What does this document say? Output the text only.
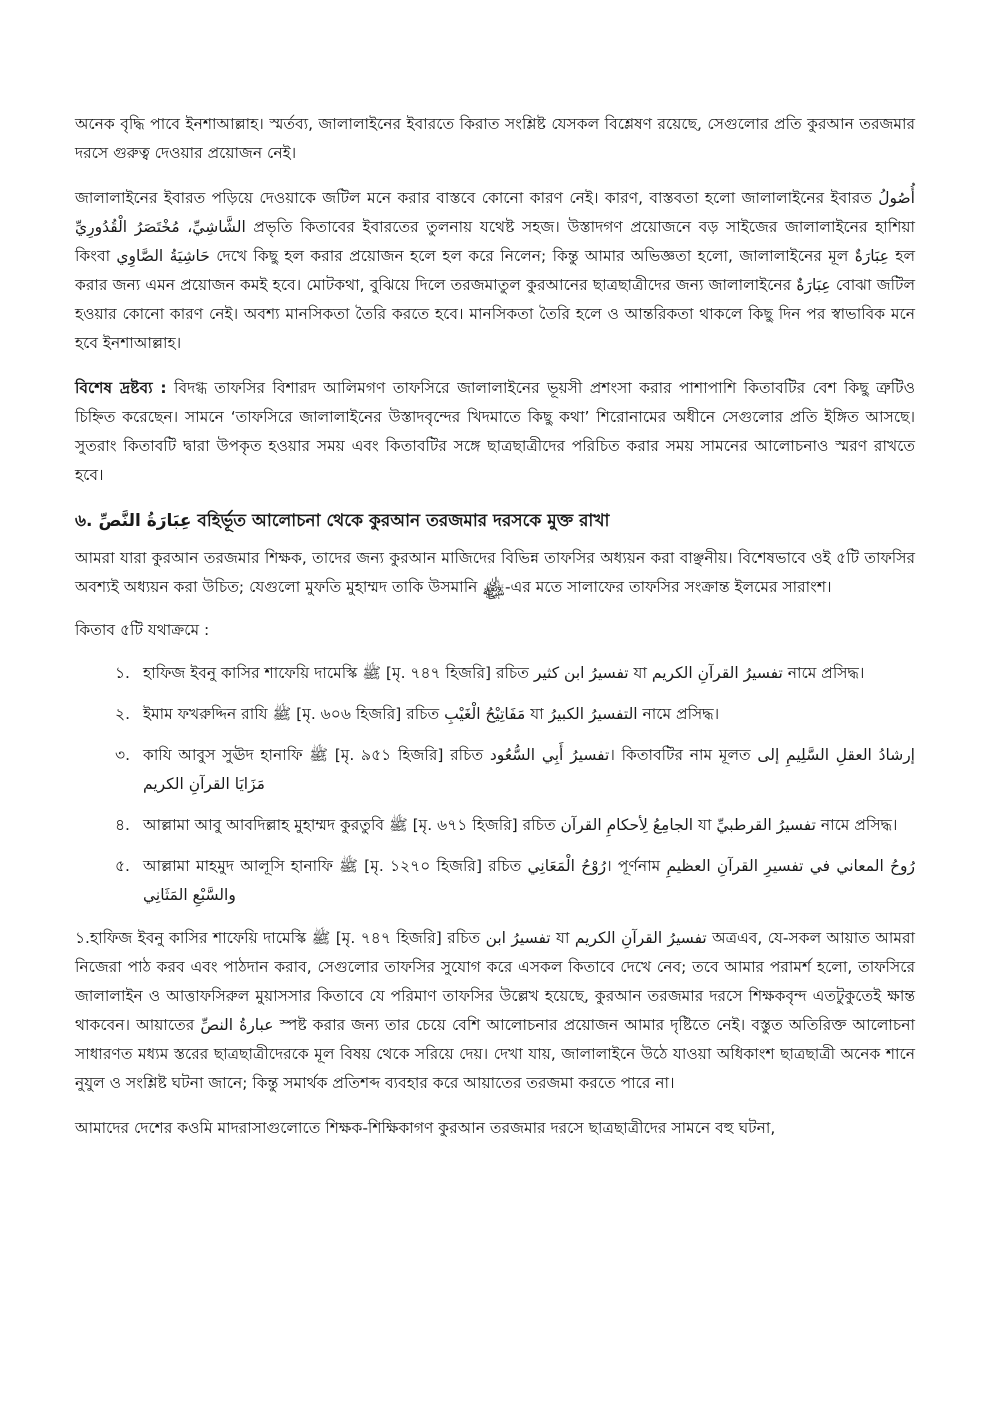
অনেক বৃদ্ধি পাবে ইনশাআল্লাহ। স্মর্তব্য, জালালাইনের ইবারতে কিরাত সংশ্লিষ্ট যেসকল বিশ্লেষণ রয়েছে, সেগুলোর প্রতি কুরআন তরজমার দরসে গুরুত্ব দেওয়ার প্রয়োজন নেই।

জালালাইনের ইবারত পড়িয়ে দেওয়াকে জটিল মনে করার বাস্তবে কোনো কারণ নেই। কারণ, বাস্তবতা হলো জালালাইনের ইবারত أُصُولُ الشَّاشِيِّ، مُخْتَصَرُ الْقُدُورِيِّ প্রভৃতি কিতাবের ইবারতের তুলনায় যথেষ্ট সহজ। উস্তাদগণ প্রয়োজনে বড় সাইজের জালালাইনের হাশিয়া কিংবা حَاشِيَةُ الصَّاوِي দেখে কিছু হল করার প্রয়োজন হলে হল করে নিলেন; কিন্তু আমার অভিজ্ঞতা হলো, জালালাইনের মূল عِبَارَةٌ হল করার জন্য এমন প্রয়োজন কমই হবে। মোটকথা, বুঝিয়ে দিলে তরজমাতুল কুরআনের ছাত্রছাত্রীদের জন্য জালালাইনের عِبَارَةٌ বোঝা জটিল হওয়ার কোনো কারণ নেই। অবশ্য মানসিকতা তৈরি করতে হবে। মানসিকতা তৈরি হলে ও আন্তরিকতা থাকলে কিছু দিন পর স্বাভাবিক মনে হবে ইনশাআল্লাহ।

বিশেষ দ্রষ্টব্য : বিদগ্ধ তাফসির বিশারদ আলিমগণ তাফসিরে জালালাইনের ভূয়সী প্রশংসা করার পাশাপাশি কিতাবটির বেশ কিছু ত্রুটিও চিহ্নিত করেছেন। সামনে ‘তাফসিরে জালালাইনের উস্তাদবৃন্দের খিদমাতে কিছু কথা’ শিরোনামের অধীনে সেগুলোর প্রতি ইঙ্গিত আসছে। সুতরাং কিতাবটি দ্বারা উপকৃত হওয়ার সময় এবং কিতাবটির সঙ্গে ছাত্রছাত্রীদের পরিচিত করার সময় সামনের আলোচনাও স্মরণ রাখতে হবে।

৬. عِبَارَةُ النَّصِّ বহির্ভূত আলোচনা থেকে কুরআন তরজমার দরসকে মুক্ত রাখা

আমরা যারা কুরআন তরজমার শিক্ষক, তাদের জন্য কুরআন মাজিদের বিভিন্ন তাফসির অধ্যয়ন করা বাঞ্ছনীয়। বিশেষভাবে ওই ৫টি তাফসির অবশ্যই অধ্যয়ন করা উচিত; যেগুলো মুফতি মুহাম্মদ তাকি উসমানি ﷾-এর মতে সালাফের তাফসির সংক্রান্ত ইলমের সারাংশ।

কিতাব ৫টি যথাক্রমে :

১. হাফিজ ইবনু কাসির শাফেয়ি দামেস্কি ﷺ [মৃ. ৭৪৭ হিজরি] রচিত تفسيرُ ابن كثير যা تفسيرُ القرآنِ الكريم নামে প্রসিদ্ধ।
২. ইমাম ফখরুদ্দিন রাযি ﷺ [মৃ. ৬০৬ হিজরি] রচিত مَفَاتِيْحُ الْغَيْبِ যা التفسيرُ الكبيرُ নামে প্রসিদ্ধ।
৩. কাযি আবুস সুঊদ হানাফি ﷺ [মৃ. ৯৫১ হিজরি] রচিত تفسيرُ أَبِي السُّعُود। কিতাবটির নাম মূলত إرشادُ العقلِ السَّلِيمِ إلى مَزَايَا القرآنِ الكريم
৪. আল্লামা আবু আবদিল্লাহ মুহাম্মদ কুরতুবি ﷺ [মৃ. ৬৭১ হিজরি] রচিত الجامِعُ لِأحكامِ القرآن যা تفسيرُ القرطبيِّ নামে প্রসিদ্ধ।
৫. আল্লামা মাহমুদ আলূসি হানাফি ﷺ [মৃ. ১২৭০ হিজরি] রচিত رُوْحُ الْمَعَانِي। পূর্ণনাম رُوحُ المعاني في تفسيرِ القرآنِ العظيمِ والسَّبْعِ المَثَانِي

১.হাফিজ ইবনু কাসির শাফেয়ি দামেস্কি ﷺ [মৃ. ৭৪৭ হিজরি] রচিত تفسيرُ ابن যা تفسيرُ القرآنِ الكريم অত্রএব, যে-সকল আয়াত আমরা নিজেরা পাঠ করব এবং পাঠদান করাব, সেগুলোর তাফসির সুযোগ করে এসকল কিতাবে দেখে নেব; তবে আমার পরামর্শ হলো, তাফসিরে জালালাইন ও আত্তাফসিরুল মুয়াসসার কিতাবে যে পরিমাণ তাফসির উল্লেখ হয়েছে, কুরআন তরজমার দরসে শিক্ষকবৃন্দ এতটুকুতেই ক্ষান্ত থাকবেন। আয়াতের عبارةُ النصِّ স্পষ্ট করার জন্য তার চেয়ে বেশি আলোচনার প্রয়োজন আমার দৃষ্টিতে নেই। বস্তুত অতিরিক্ত আলোচনা সাধারণত মধ্যম স্তরের ছাত্রছাত্রীদেরকে মূল বিষয় থেকে সরিয়ে দেয়। দেখা যায়, জালালাইনে উঠে যাওয়া অধিকাংশ ছাত্রছাত্রী অনেক শানে নুযুল ও সংশ্লিষ্ট ঘটনা জানে; কিন্তু সমার্থক প্রতিশব্দ ব্যবহার করে আয়াতের তরজমা করতে পারে না।

আমাদের দেশের কওমি মাদরাসাগুলোতে শিক্ষক-শিক্ষিকাগণ কুরআন তরজমার দরসে ছাত্রছাত্রীদের সামনে বহু ঘটনা,
